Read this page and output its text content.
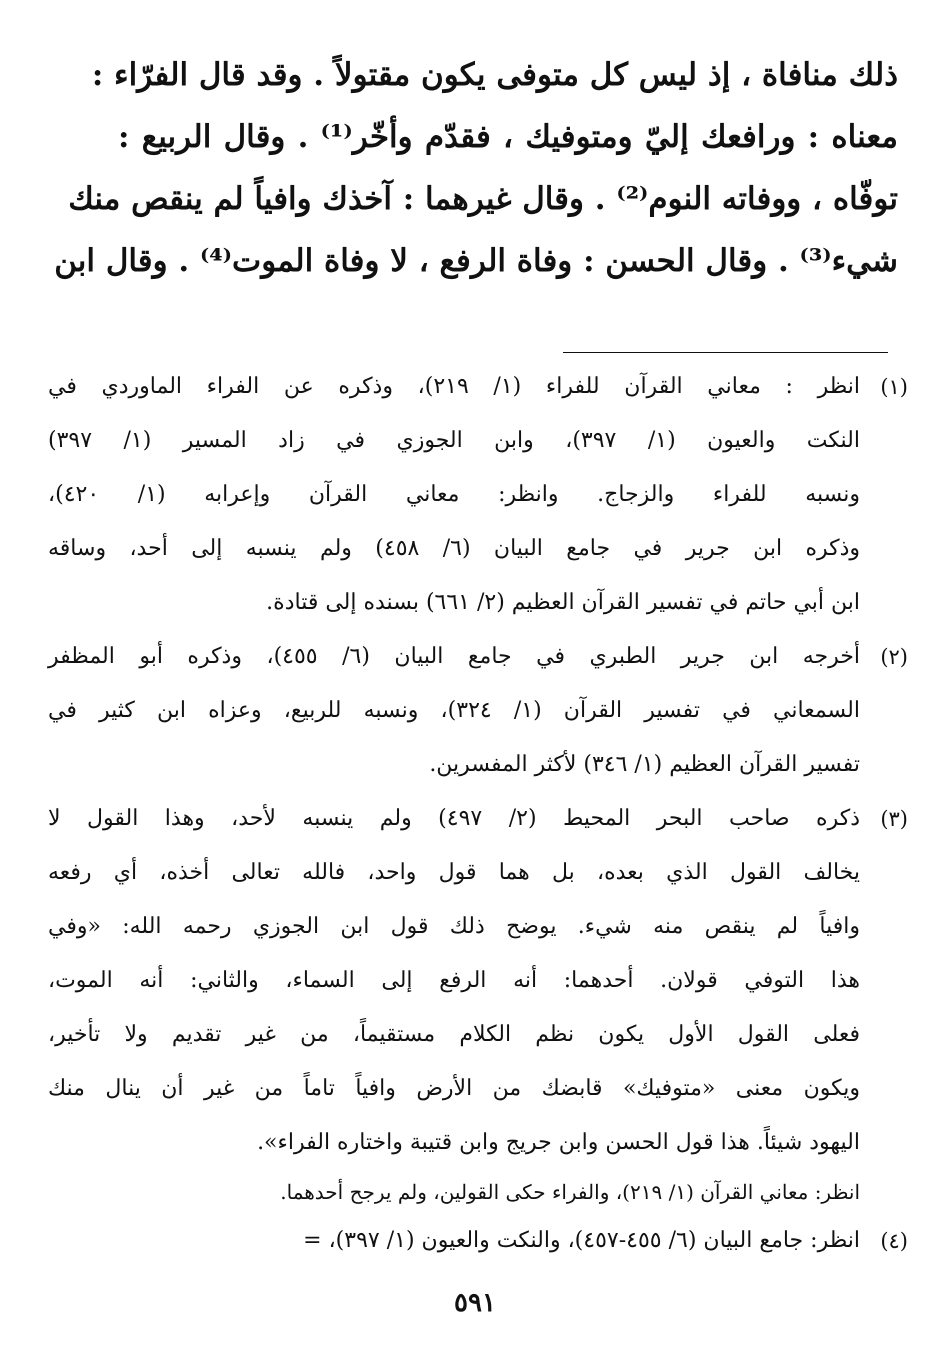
ذلك منافاة ، إذ ليس كل متوفى يكون مقتولاً . وقد قال الفرّاء :
معناه : ورافعك إليّ ومتوفيك ، فقدّم وأخّر⁽¹⁾ . وقال الربيع :
توفّاه ، ووفاته النوم⁽²⁾ . وقال غيرهما : آخذك وافياً لم ينقص منك
شيء⁽³⁾ . وقال الحسن : وفاة الرفع ، لا وفاة الموت⁽⁴⁾ . وقال ابن
(١)
انظر : معاني القرآن للفراء (١/ ٢١٩)، وذكره عن الفراء الماوردي في
النكت والعيون (١/ ٣٩٧)، وابن الجوزي في زاد المسير (١/ ٣٩٧)
ونسبه للفراء والزجاج. وانظر: معاني القرآن وإعرابه (١/ ٤٢٠)،
وذكره ابن جرير في جامع البيان (٦/ ٤٥٨) ولم ينسبه إلى أحد، وساقه
ابن أبي حاتم في تفسير القرآن العظيم (٢/ ٦٦١) بسنده إلى قتادة.
(٢)
أخرجه ابن جرير الطبري في جامع البيان (٦/ ٤٥٥)، وذكره أبو المظفر
السمعاني في تفسير القرآن (١/ ٣٢٤)، ونسبه للربيع، وعزاه ابن كثير في
تفسير القرآن العظيم (١/ ٣٤٦) لأكثر المفسرين.
(٣)
ذكره صاحب البحر المحيط (٢/ ٤٩٧) ولم ينسبه لأحد، وهذا القول لا
يخالف القول الذي بعده، بل هما قول واحد، فالله تعالى أخذه، أي رفعه
وافياً لم ينقص منه شيء. يوضح ذلك قول ابن الجوزي رحمه الله: «وفي
هذا التوفي قولان. أحدهما: أنه الرفع إلى السماء، والثاني: أنه الموت،
فعلى القول الأول يكون نظم الكلام مستقيماً، من غير تقديم ولا تأخير،
ويكون معنى «متوفيك» قابضك من الأرض وافياً تاماً من غير أن ينال منك
اليهود شيئاً. هذا قول الحسن وابن جريج وابن قتيبة واختاره الفراء».
انظر: معاني القرآن (١/ ٢١٩)، والفراء حكى القولين، ولم يرجح أحدهما.
(٤)
انظر: جامع البيان (٦/ ٤٥٥-٤٥٧)، والنكت والعيون (١/ ٣٩٧)، =
٥٩١
